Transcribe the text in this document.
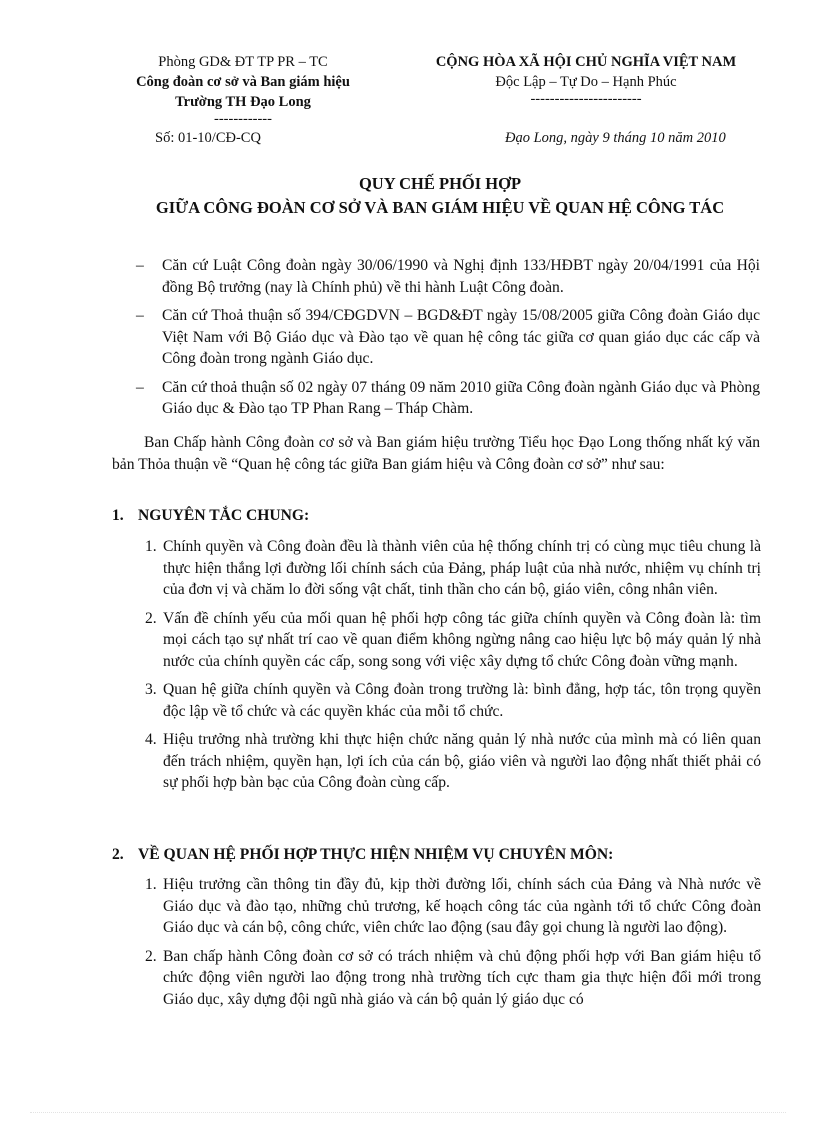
Phòng GD& ĐT TP PR – TC
Công đoàn cơ sở và Ban giám hiệu
Trường TH Đạo Long
------------
CỘNG HÒA XÃ HỘI CHỦ NGHĨA VIỆT NAM
Độc Lập – Tự Do – Hạnh Phúc
-----------------------
Số: 01-10/CĐ-CQ	Đạo Long, ngày 9 tháng 10 năm 2010
QUY CHẾ PHỐI HỢP
GIỮA CÔNG ĐOÀN CƠ SỞ VÀ BAN GIÁM HIỆU VỀ QUAN HỆ CÔNG TÁC
– Căn cứ Luật Công đoàn ngày 30/06/1990 và Nghị định 133/HĐBT ngày 20/04/1991 của Hội đồng Bộ trưởng (nay là Chính phủ) về thi hành Luật Công đoàn.
– Căn cứ Thoả thuận số 394/CĐGDVN – BGD&ĐT ngày 15/08/2005 giữa Công đoàn Giáo dục Việt Nam với Bộ Giáo dục và Đào tạo về quan hệ công tác giữa cơ quan giáo dục các cấp và Công đoàn trong ngành Giáo dục.
– Căn cứ thoả thuận số 02 ngày 07 tháng 09 năm 2010 giữa Công đoàn ngành Giáo dục và Phòng Giáo dục & Đào tạo TP Phan Rang – Tháp Chàm.
Ban Chấp hành Công đoàn cơ sở và Ban giám hiệu trường Tiểu học Đạo Long thống nhất ký văn bản Thỏa thuận về “Quan hệ công tác giữa Ban giám hiệu và Công đoàn cơ sở” như sau:
1. NGUYÊN TẮC CHUNG:
1. Chính quyền và Công đoàn đều là thành viên của hệ thống chính trị có cùng mục tiêu chung là thực hiện thắng lợi đường lối chính sách của Đảng, pháp luật của nhà nước, nhiệm vụ chính trị của đơn vị và chăm lo đời sống vật chất, tinh thần cho cán bộ, giáo viên, công nhân viên.
2. Vấn đề chính yếu của mối quan hệ phối hợp công tác giữa chính quyền và Công đoàn là: tìm mọi cách tạo sự nhất trí cao về quan điểm không ngừng nâng cao hiệu lực bộ máy quản lý nhà nước của chính quyền các cấp, song song với việc xây dựng tổ chức Công đoàn vững mạnh.
3. Quan hệ giữa chính quyền và Công đoàn trong trường là: bình đẳng, hợp tác, tôn trọng quyền độc lập về tổ chức và các quyền khác của mỗi tổ chức.
4. Hiệu trưởng nhà trường khi thực hiện chức năng quản lý nhà nước của mình mà có liên quan đến trách nhiệm, quyền hạn, lợi ích của cán bộ, giáo viên và người lao động nhất thiết phải có sự phối hợp bàn bạc của Công đoàn cùng cấp.
2. VỀ QUAN HỆ PHỐI HỢP THỰC HIỆN NHIỆM VỤ CHUYÊN MÔN:
1. Hiệu trưởng cần thông tin đầy đủ, kịp thời đường lối, chính sách của Đảng và Nhà nước về Giáo dục và đào tạo, những chủ trương, kế hoạch công tác của ngành tới tổ chức Công đoàn Giáo dục và cán bộ, công chức, viên chức lao động (sau đây gọi chung là người lao động).
2. Ban chấp hành Công đoàn cơ sở có trách nhiệm và chủ động phối hợp với Ban giám hiệu tổ chức động viên người lao động trong nhà trường tích cực tham gia thực hiện đổi mới trong Giáo dục, xây dựng đội ngũ nhà giáo và cán bộ quản lý giáo dục có
